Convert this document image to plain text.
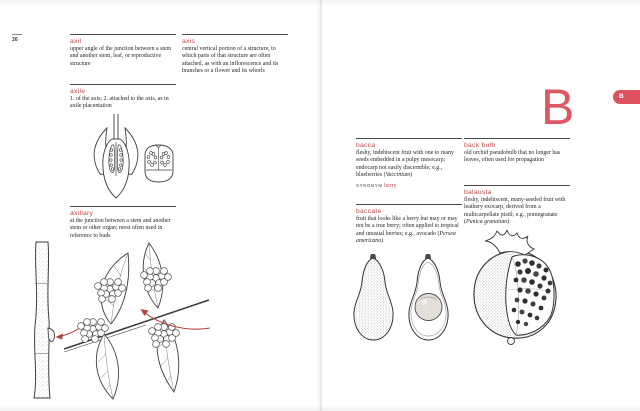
26	axil

upper angle of the junction between a stem and another stem, leaf, or reproductive structure

axile

1. of the axis; 2. attached to the axis, as in axile placentation

axis

central vertical portion of a structure, to which parts of that structure are often attached, as with an inflorescence and its branches or a flower and its whorls

axillary

at the junction between a stem and another stem or other organ; most often used in reference to buds

B	B
bacca

fleshy, indehiscent fruit with one to many seeds embedded in a pulpy mesocarp; endocarp not easily discernible; e.g., blueberries (Vaccinium)

SYNONYM berry

baccate

fruit that looks like a berry but may or may not be a true berry; often applied to tropical and unusual berries; e.g., avocado (Persea americana)

back bulb

old orchid pseudobulb that no longer has leaves, often used for propagation

balausta

fleshy, indehiscent, many-seeded fruit with leathery exocarp, derived from a multicarpellate pistil; e.g., pomegranate (Punica granatum)
